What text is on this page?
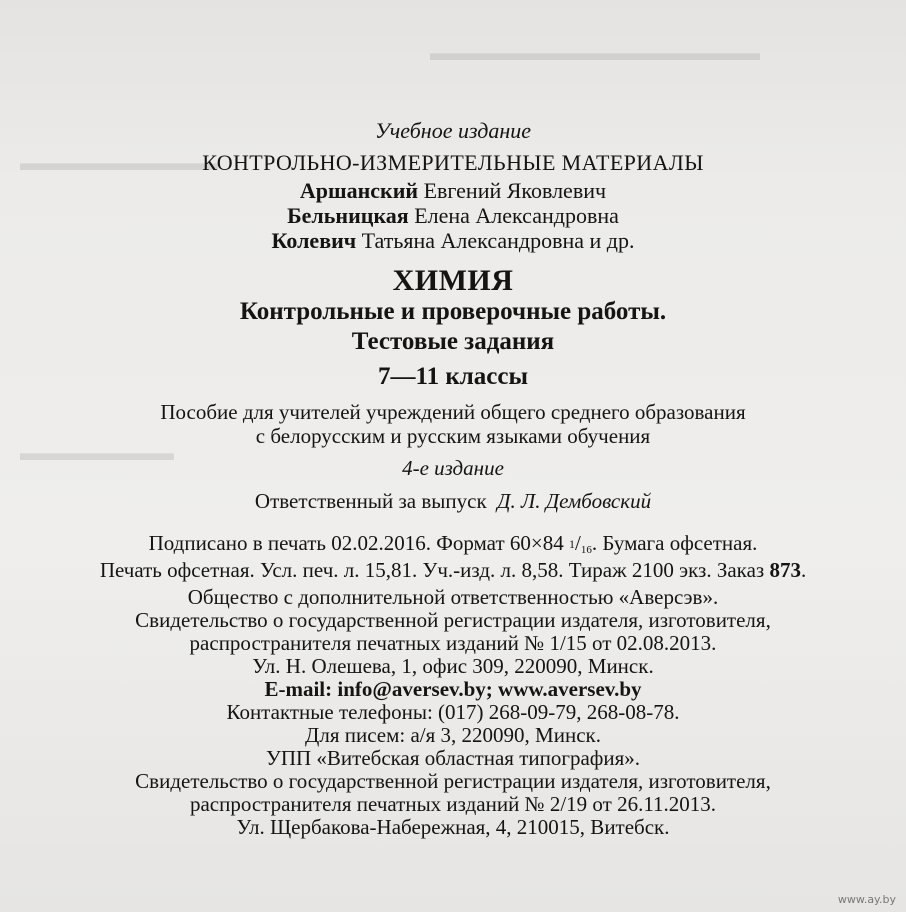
▬▬▬▬▬▬▬▬▬▬▬▬▬▬▬
▬▬▬▬▬▬▬▬▬
▬▬▬▬▬▬▬
Учебное издание
КОНТРОЛЬНО-ИЗМЕРИТЕЛЬНЫЕ МАТЕРИАЛЫ
Аршанский Евгений Яковлевич
Бельницкая Елена Александровна
Колевич Татьяна Александровна и др.
ХИМИЯ
Контрольные и проверочные работы.
Тестовые задания
7—11 классы
Пособие для учителей учреждений общего среднего образования
с белорусским и русским языками обучения
4-е издание
Ответственный за выпуск Д. Л. Дембовский
Подписано в печать 02.02.2016. Формат 60×84 1/16. Бумага офсетная.
Печать офсетная. Усл. печ. л. 15,81. Уч.-изд. л. 8,58. Тираж 2100 экз. Заказ 873.
Общество с дополнительной ответственностью «Аверсэв».
Свидетельство о государственной регистрации издателя, изготовителя,
распространителя печатных изданий № 1/15 от 02.08.2013.
Ул. Н. Олешева, 1, офис 309, 220090, Минск.
E-mail: info@aversev.by; www.aversev.by
Контактные телефоны: (017) 268-09-79, 268-08-78.
Для писем: а/я 3, 220090, Минск.
УПП «Витебская областная типография».
Свидетельство о государственной регистрации издателя, изготовителя,
распространителя печатных изданий № 2/19 от 26.11.2013.
Ул. Щербакова-Набережная, 4, 210015, Витебск.
www.ay.by
